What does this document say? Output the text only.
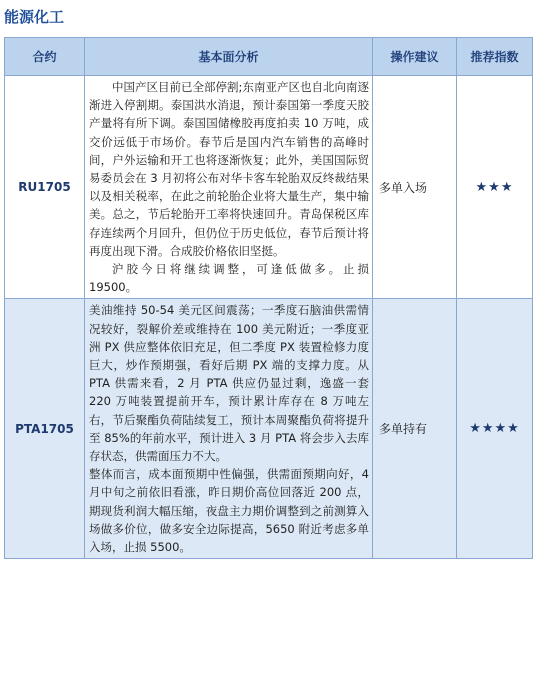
能源化工
合约	基本面分析	操作建议	推荐指数
RU1705	中国产区目前已全部停割;东南亚产区也自北向南逐渐进入停割期。泰国洪水消退，预计泰国第一季度天胶产量将有所下调。泰国国储橡胶再度拍卖 10 万吨，成交价远低于市场价。春节后是国内汽车销售的高峰时间，户外运输和开工也将逐渐恢复；此外，美国国际贸易委员会在 3 月初将公布对华卡客车轮胎双反终裁结果以及相关税率，在此之前轮胎企业将大量生产，集中输美。总之，节后轮胎开工率将快速回升。青岛保税区库存连续两个月回升，但仍位于历史低位，春节后预计将再度出现下滑。合成胶价格依旧坚挺。

沪胶今日将继续调整，可逢低做多。止损 19500。	多单入场	★★★
PTA1705	美油维持 50-54 美元区间震荡；一季度石脑油供需情况较好，裂解价差或维持在 100 美元附近；一季度亚洲 PX 供应整体依旧充足，但二季度 PX 装置检修力度巨大，炒作预期强，看好后期 PX 端的支撑力度。从 PTA 供需来看，2 月 PTA 供应仍显过剩，逸盛一套 220 万吨装置提前开车，预计累计库存在 8 万吨左右，节后聚酯负荷陆续复工，预计本周聚酯负荷将提升至 85%的年前水平，预计进入 3 月 PTA 将会步入去库存状态，供需面压力不大。

整体而言，成本面预期中性偏强，供需面预期向好，4 月中旬之前依旧看涨，昨日期价高位回落近 200 点，期现货利润大幅压缩，夜盘主力期价调整到之前测算入场做多价位，做多安全边际提高，5650 附近考虑多单入场，止损 5500。	多单持有	★★★★
